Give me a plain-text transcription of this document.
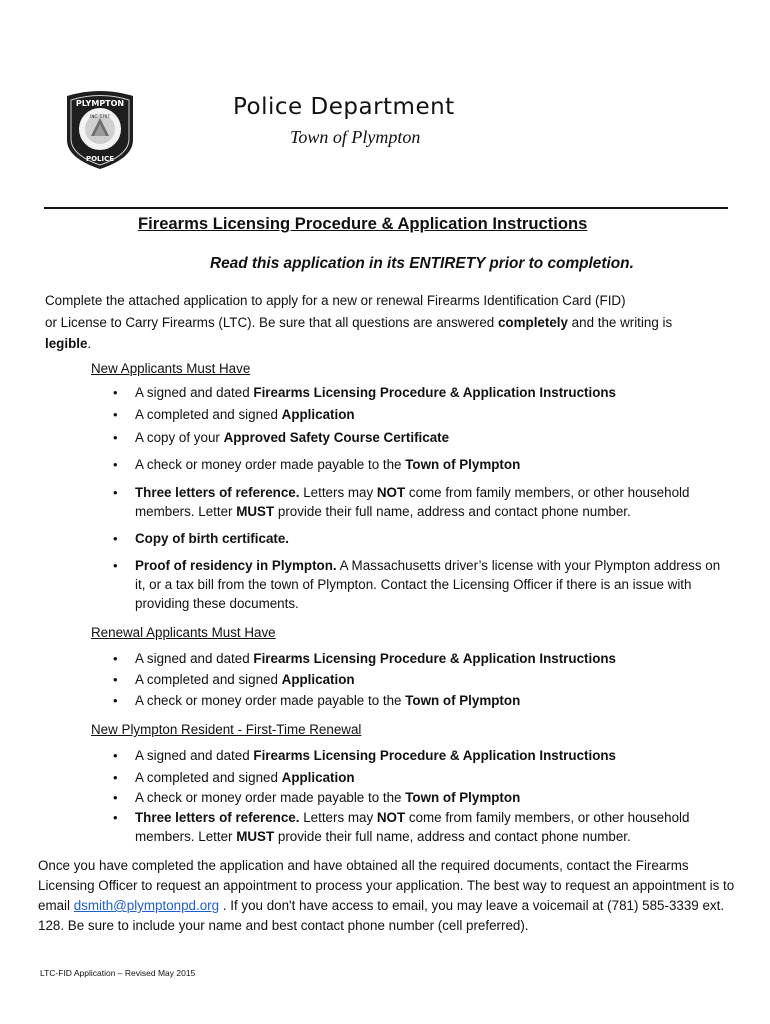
PLYMPTON
POLICE
INC. 1707	Police Department
Town of Plympton
Firearms Licensing Procedure & Application Instructions
Read this application in its ENTIRETY prior to completion.
Complete the attached application to apply for a new or renewal Firearms Identification Card (FID)
or License to Carry Firearms (LTC). Be sure that all questions are answered completely and the writing is
legible.
New Applicants Must Have
•	A signed and dated Firearms Licensing Procedure & Application Instructions
•	A completed and signed Application
•	A copy of your Approved Safety Course Certificate
•	A check or money order made payable to the Town of Plympton
•	Three letters of reference. Letters may NOT come from family members, or other household members. Letter MUST provide their full name, address and contact phone number.
•	Copy of birth certificate.
•	Proof of residency in Plympton. A Massachusetts driver’s license with your Plympton address on it, or a tax bill from the town of Plympton. Contact the Licensing Officer if there is an issue with providing these documents.
Renewal Applicants Must Have
•	A signed and dated Firearms Licensing Procedure & Application Instructions
•	A completed and signed Application
•	A check or money order made payable to the Town of Plympton
New Plympton Resident - First-Time Renewal
•	A signed and dated Firearms Licensing Procedure & Application Instructions
•	A completed and signed Application
•	A check or money order made payable to the Town of Plympton
•	Three letters of reference. Letters may NOT come from family members, or other household members. Letter MUST provide their full name, address and contact phone number.
Once you have completed the application and have obtained all the required documents, contact the Firearms Licensing Officer to request an appointment to process your application. The best way to request an appointment is to email dsmith@plymptonpd.org . If you don't have access to email, you may leave a voicemail at (781) 585-3339 ext. 128. Be sure to include your name and best contact phone number (cell preferred).
LTC-FID Application – Revised May 2015
